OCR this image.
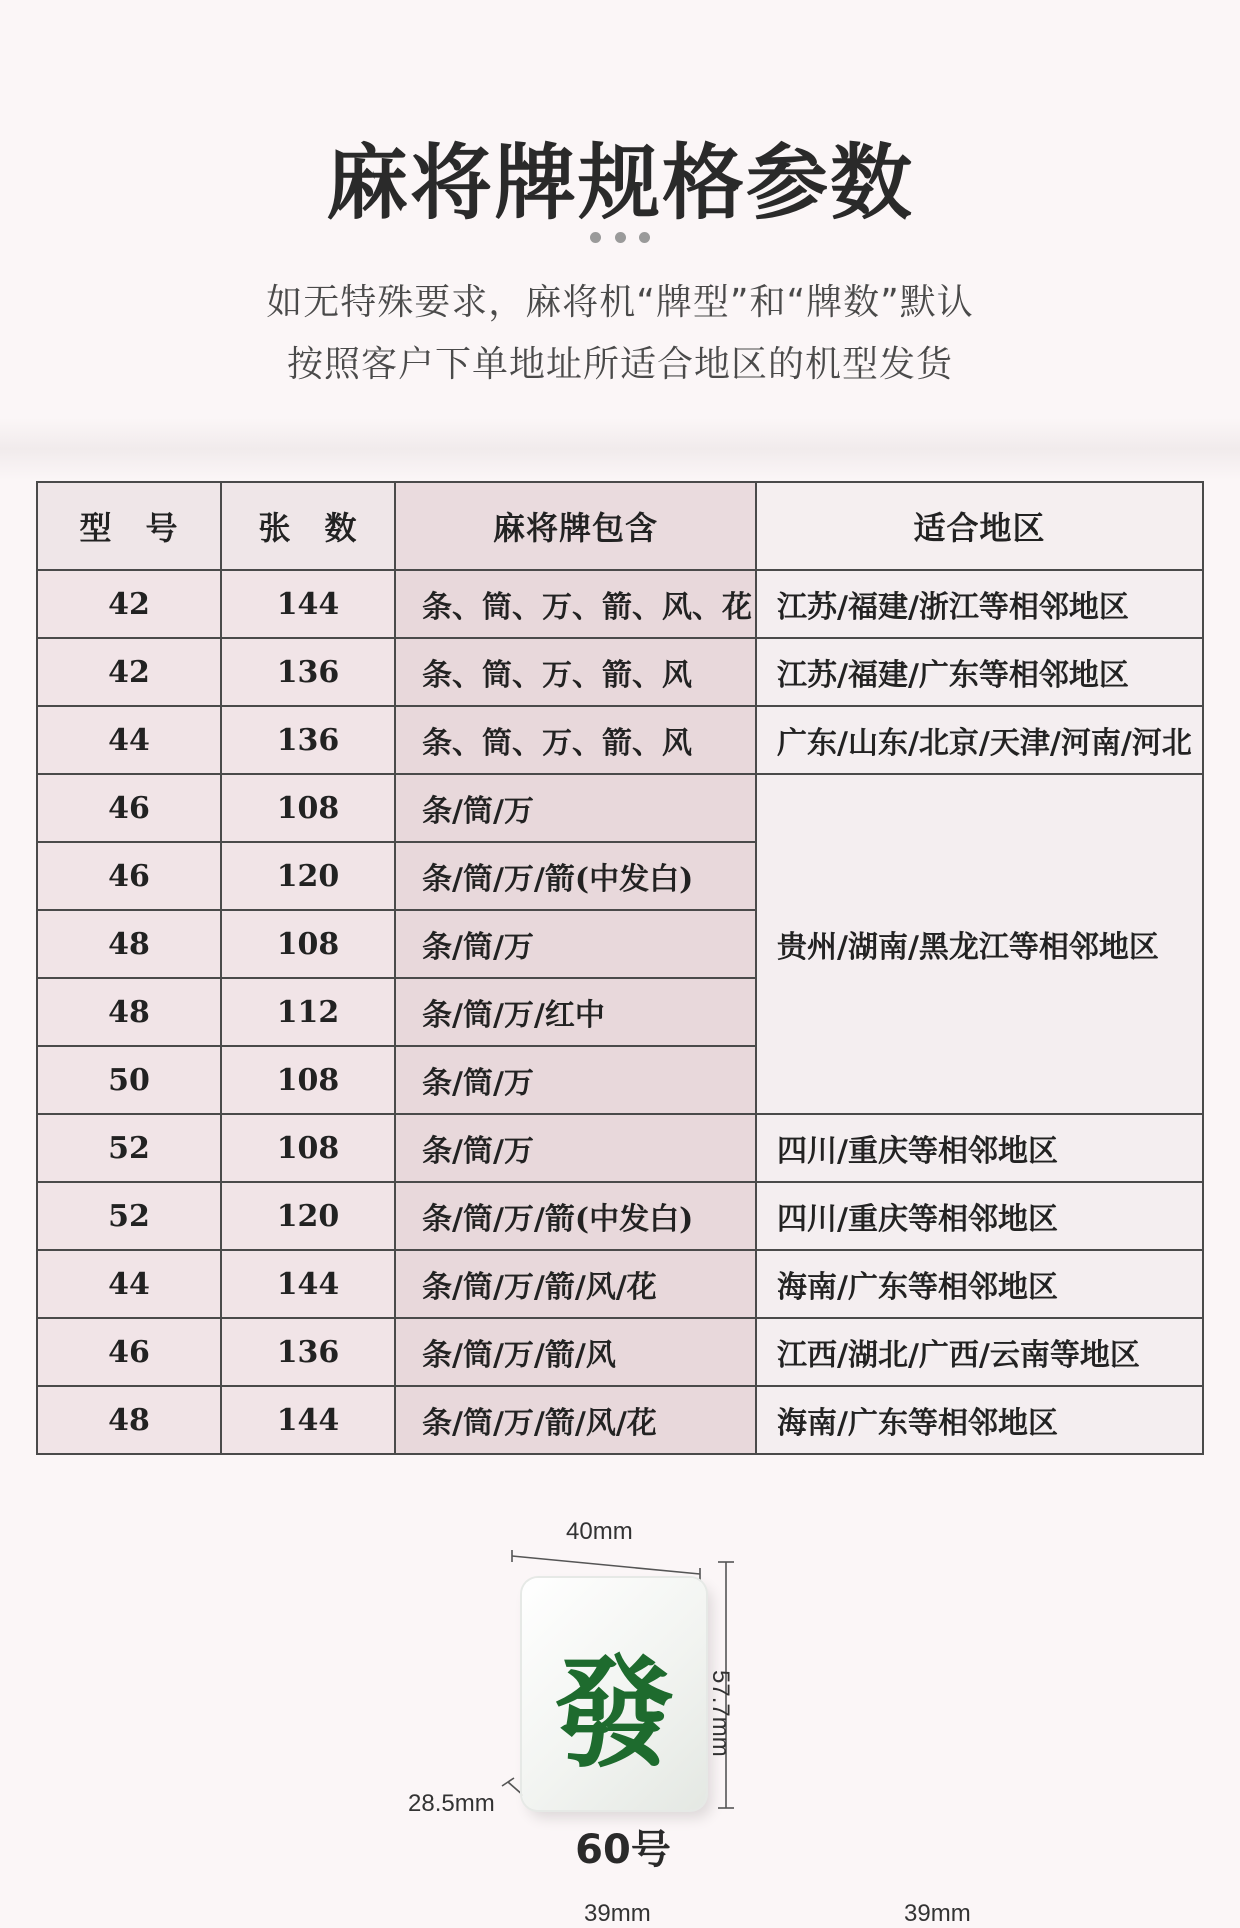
麻将牌规格参数
如无特殊要求，麻将机“牌型”和“牌数”默认
按照客户下单地址所适合地区的机型发货
型　号	张　数	麻将牌包含	适合地区
42	144	条、筒、万、箭、风、花	江苏/福建/浙江等相邻地区
42	136	条、筒、万、箭、风	江苏/福建/广东等相邻地区
44	136	条、筒、万、箭、风	广东/山东/北京/天津/河南/河北
46	108	条/筒/万	贵州/湖南/黑龙江等相邻地区
46	120	条/筒/万/箭(中发白)	
48	108	条/筒/万	
48	112	条/筒/万/红中	
50	108	条/筒/万	
52	108	条/筒/万	四川/重庆等相邻地区
52	120	条/筒/万/箭(中发白)	四川/重庆等相邻地区
44	144	条/筒/万/箭/风/花	海南/广东等相邻地区
46	136	条/筒/万/箭/风	江西/湖北/广西/云南等地区
48	144	条/筒/万/箭/风/花	海南/广东等相邻地区
40mm
57.7mm
28.5mm
發
60号
39mm	39mm
